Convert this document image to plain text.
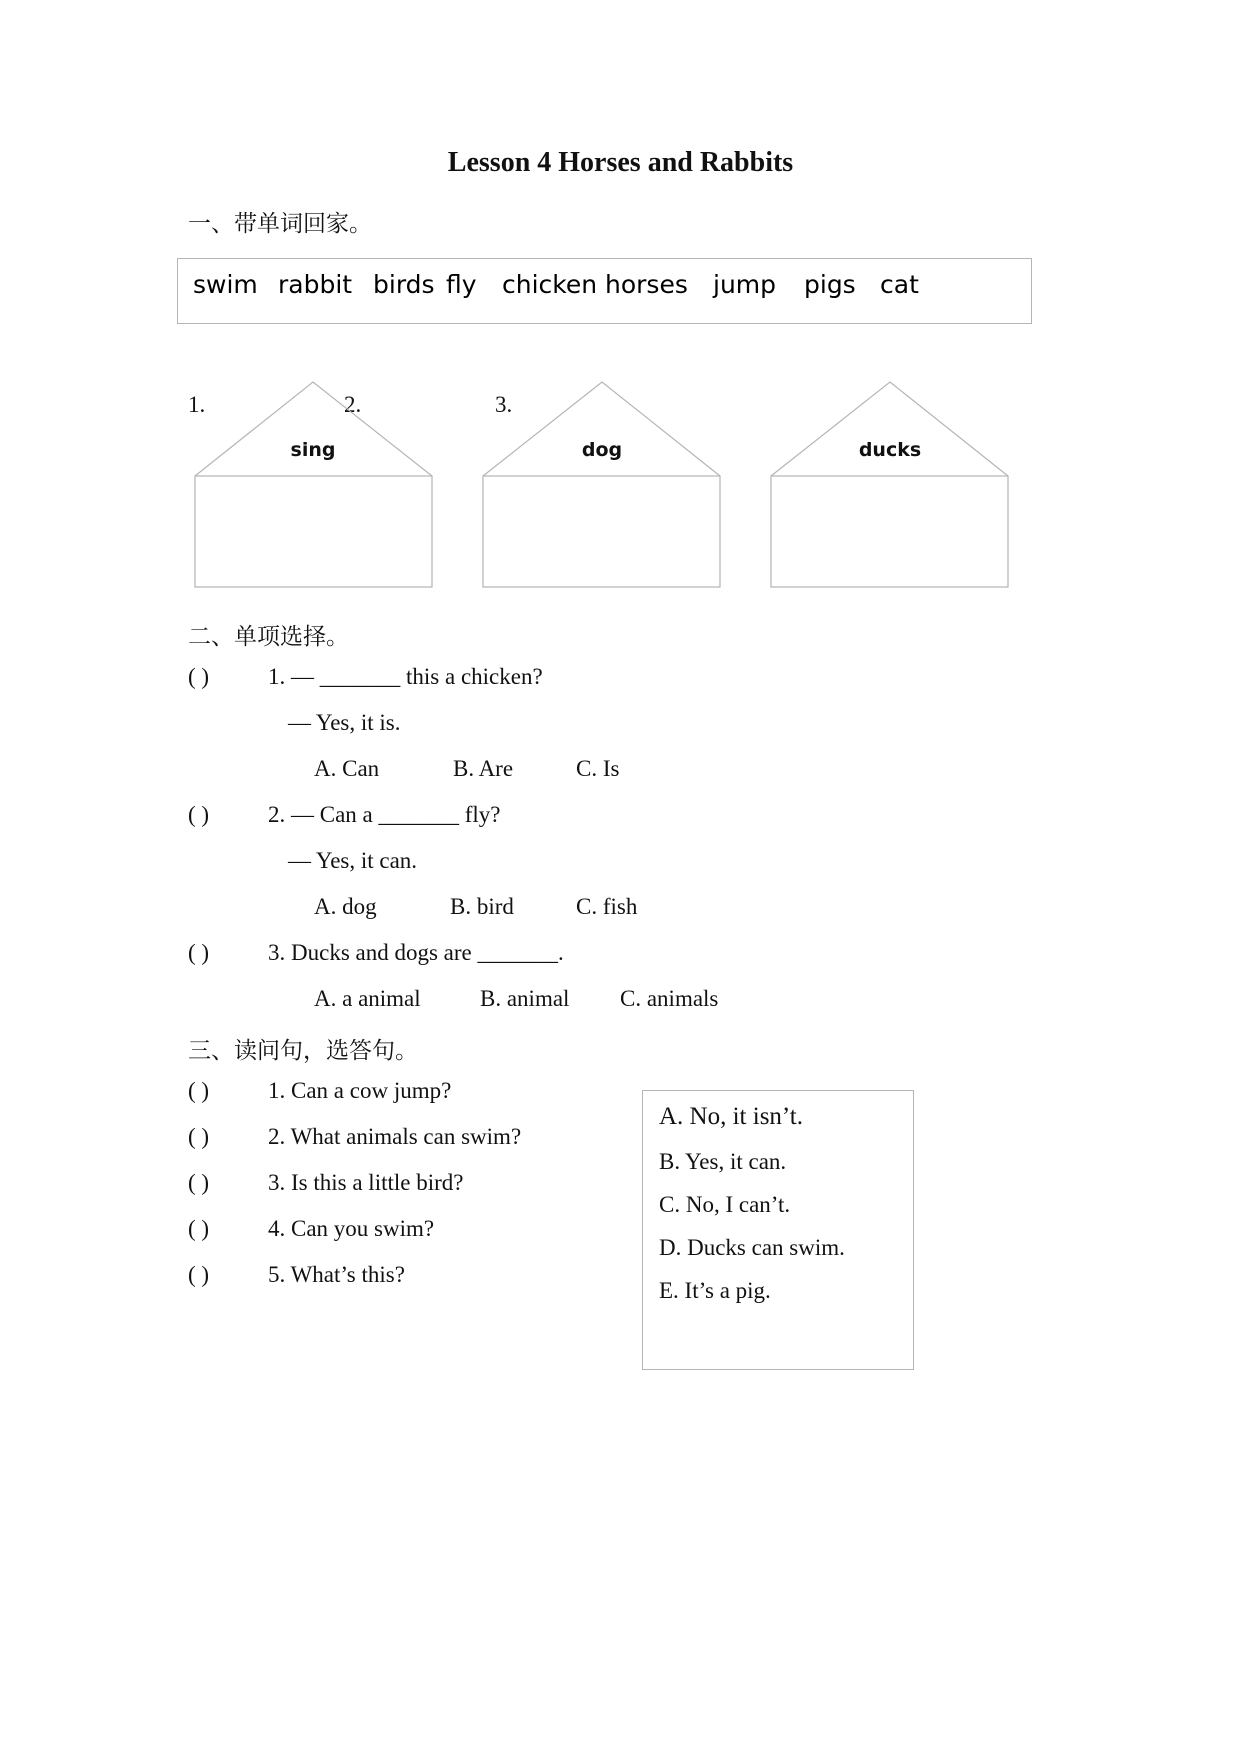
Lesson 4 Horses and Rabbits
一、带单词回家。
swim rabbit birds fly chicken horses jump pigs cat
1.	2.	3.
sing	dog	ducks
二、单项选择。
( )	1. — _______ this a chicken?
— Yes, it is.
A. Can	B. Are	C. Is
( )	2. — Can a _______ fly?
— Yes, it can.
A. dog	B. bird	C. fish
( )	3. Ducks and dogs are _______.
A. a animal	B. animal C. animals
三、读问句，选答句。
( )	1. Can a cow jump?
( )	2. What animals can swim?
( )	3. Is this a little bird?
( )	4. Can you swim?
( )	5. What’s this?
A. No, it isn’t.
B. Yes, it can.
C. No, I can’t.
D. Ducks can swim.
E. It’s a pig.
